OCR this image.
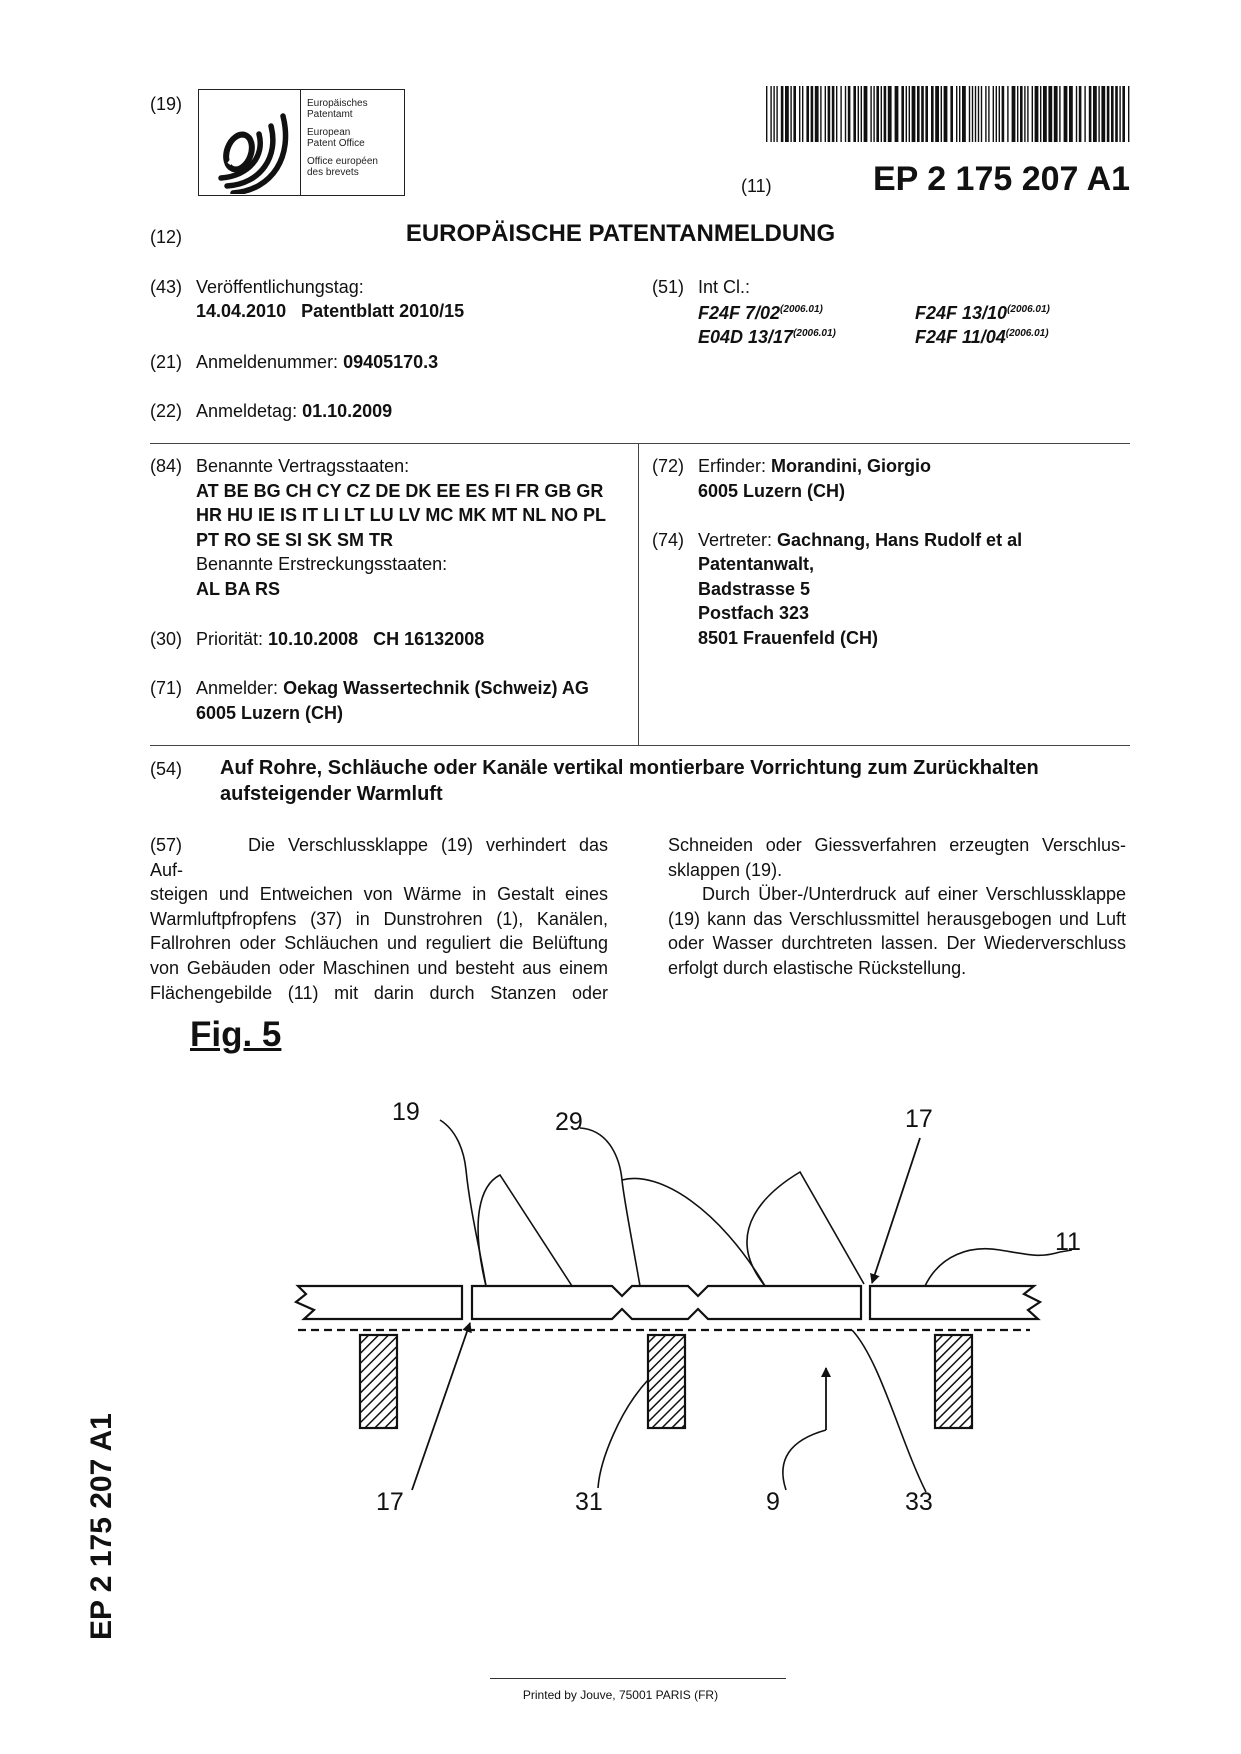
(19)	Europäisches
Patentamt
European
Patent Office
Office européen
des brevets
(11)	EP 2 175 207 A1
(12)	EUROPÄISCHE PATENTANMELDUNG
(43) Veröffentlichungstag:
14.04.2010   Patentblatt 2010/15
(51) Int Cl.:
F24F $7/02^{(2006.01)}$	F24F $13/10^{(2006.01)}$
E04D $13/17^{(2006.01)}$	F24F $11/04^{(2006.01)}$
(21) Anmeldenummer: 09405170.3
(22) Anmeldetag: 01.10.2009
(84) Benannte Vertragsstaaten:
AT BE BG CH CY CZ DE DK EE ES FI FR GB GR
HR HU IE IS IT LI LT LU LV MC MK MT NL NO PL
PT RO SE SI SK SM TR
Benannte Erstreckungsstaaten:
AL BA RS
(30) Priorität: 10.10.2008   CH 16132008
(71) Anmelder: Oekag Wassertechnik (Schweiz) AG
6005 Luzern (CH)
(72) Erfinder: Morandini, Giorgio
6005 Luzern (CH)
(74) Vertreter: Gachnang, Hans Rudolf et al
Patentanwalt,
Badstrasse 5
Postfach 323
8501 Frauenfeld (CH)
(54) Auf Rohre, Schläuche oder Kanäle vertikal montierbare Vorrichtung zum Zurückhalten
aufsteigender Warmluft

(57)	Die Verschlussklappe (19) verhindert das Auf-

steigen und Entweichen von Wärme in Gestalt eines

Warmluftpfropfens (37) in Dunstrohren (1), Kanälen,

Fallrohren oder Schläuchen und reguliert die Belüftung

von Gebäuden oder Maschinen und besteht aus einem

Flächengebilde (11) mit darin durch Stanzen oder

Schneiden oder Giessverfahren erzeugten Verschlus-

sklappen (19).

Durch Über-/Unterdruck auf einer Verschlussklappe

(19) kann das Verschlussmittel herausgebogen und Luft

oder Wasser durchtreten lassen. Der Wiederverschluss

erfolgt durch elastische Rückstellung.

Fig. 5
19	29	17
11
17	31	9	33
EP 2 175 207 A1
Printed by Jouve, 75001 PARIS (FR)
